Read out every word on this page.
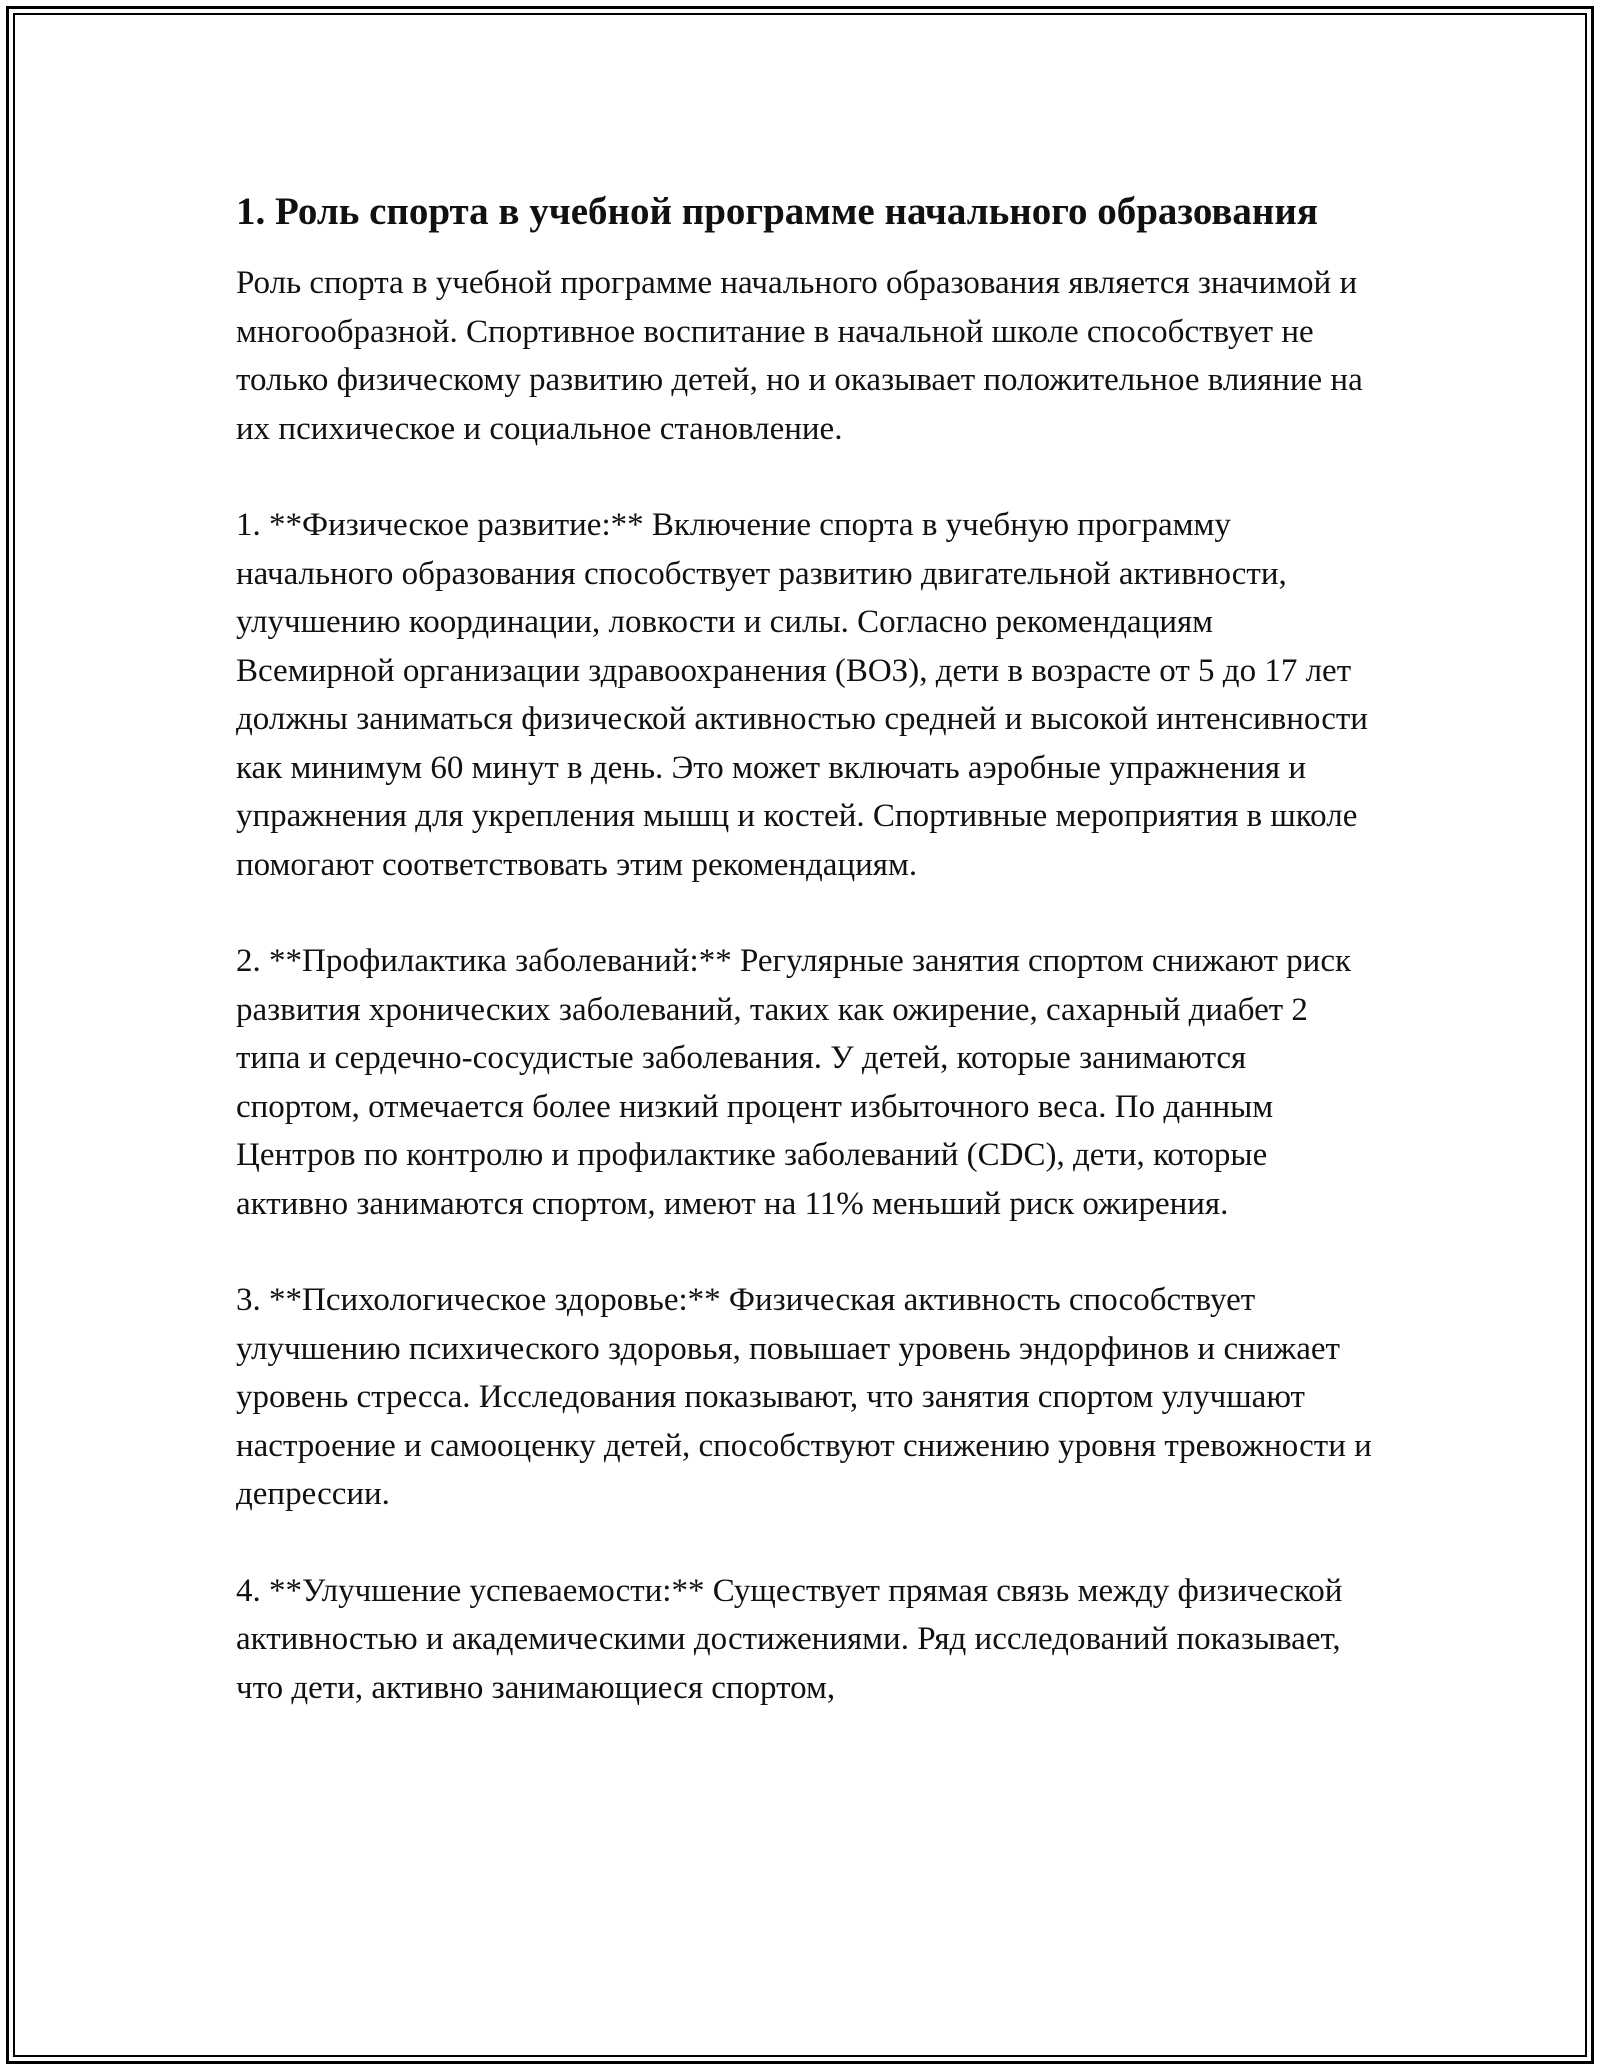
1. Роль спорта в учебной программе начального образования

Роль спорта в учебной программе начального образования является значимой и многообразной. Спортивное воспитание в начальной школе способствует не только физическому развитию детей, но и оказывает положительное влияние на их психическое и социальное становление.

1. **Физическое развитие:** Включение спорта в учебную программу начального образования способствует развитию двигательной активности, улучшению координации, ловкости и силы. Согласно рекомендациям Всемирной организации здравоохранения (ВОЗ), дети в возрасте от 5 до 17 лет должны заниматься физической активностью средней и высокой интенсивности как минимум 60 минут в день. Это может включать аэробные упражнения и упражнения для укрепления мышц и костей. Спортивные мероприятия в школе помогают соответствовать этим рекомендациям.

2. **Профилактика заболеваний:** Регулярные занятия спортом снижают риск развития хронических заболеваний, таких как ожирение, сахарный диабет 2 типа и сердечно-сосудистые заболевания. У детей, которые занимаются спортом, отмечается более низкий процент избыточного веса. По данным Центров по контролю и профилактике заболеваний (CDC), дети, которые активно занимаются спортом, имеют на 11% меньший риск ожирения.

3. **Психологическое здоровье:** Физическая активность способствует улучшению психического здоровья, повышает уровень эндорфинов и снижает уровень стресса. Исследования показывают, что занятия спортом улучшают настроение и самооценку детей, способствуют снижению уровня тревожности и депрессии.

4. **Улучшение успеваемости:** Существует прямая связь между физической активностью и академическими достижениями. Ряд исследований показывает, что дети, активно занимающиеся спортом,
